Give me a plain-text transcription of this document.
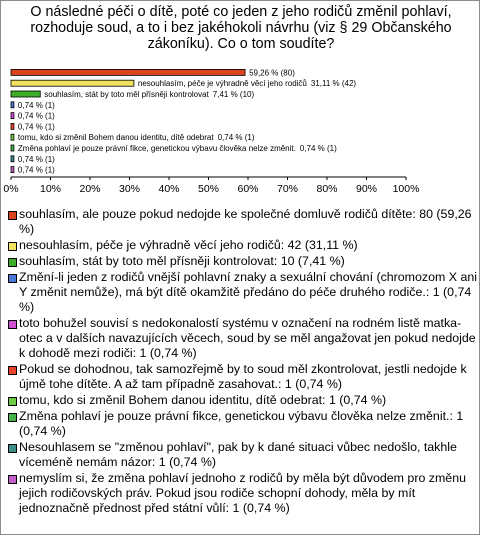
O následné péči o dítě, poté co jeden z jeho rodičů změnil pohlaví, rozhoduje soud, a to i bez jakéhokoli návrhu (viz § 29 Občanského zákoníku). Co o tom soudíte?
59,26 % (80)
nesouhlasím, péče je výhradně věcí jeho rodičů 31,11 % (42)
souhlasím, stát by toto měl přísněji kontrolovat 7,41 % (10)
0,74 % (1)
0,74 % (1)
0,74 % (1)
tomu, kdo si změnil Bohem danou identitu, dítě odebrat 0,74 % (1)
Změna pohlaví je pouze právní fikce, genetickou výbavu člověka nelze změnit. 0,74 % (1)
0,74 % (1)
0,74 % (1)
0% 10% 20% 30% 40% 50% 60% 70% 80% 90% 100%
souhlasím, ale pouze pokud nedojde ke společné domluvě rodičů dítěte: 80 (59,26 %)
nesouhlasím, péče je výhradně věcí jeho rodičů: 42 (31,11 %)
souhlasím, stát by toto měl přísněji kontrolovat: 10 (7,41 %)
Změní-li jeden z rodičů vnější pohlavní znaky a sexuální chování (chromozom X ani Y změnit nemůže), má být dítě okamžitě předáno do péče druhého rodiče.: 1 (0,74 %)
toto bohužel souvisí s nedokonalostí systému v označení na rodném listě matka-otec a v dalších navazujících věcech, soud by se měl angažovat jen pokud nedojde k dohodě mezi rodiči: 1 (0,74 %)
Pokud se dohodnou, tak samozřejmě by to soud měl zkontrolovat, jestli nedojde k újmě tohe dítěte. A až tam případně zasahovat.: 1 (0,74 %)
tomu, kdo si změnil Bohem danou identitu, dítě odebrat: 1 (0,74 %)
Změna pohlaví je pouze právní fikce, genetickou výbavu člověka nelze změnit.: 1 (0,74 %)
Nesouhlasem se "změnou pohlaví", pak by k dané situaci vůbec nedošlo, takhle víceméně nemám názor: 1 (0,74 %)
nemyslím si, že změna pohlaví jednoho z rodičů by měla být důvodem pro změnu jejich rodičovských práv. Pokud jsou rodiče schopní dohody, měla by mít jednoznačně přednost před státní vůlí: 1 (0,74 %)
